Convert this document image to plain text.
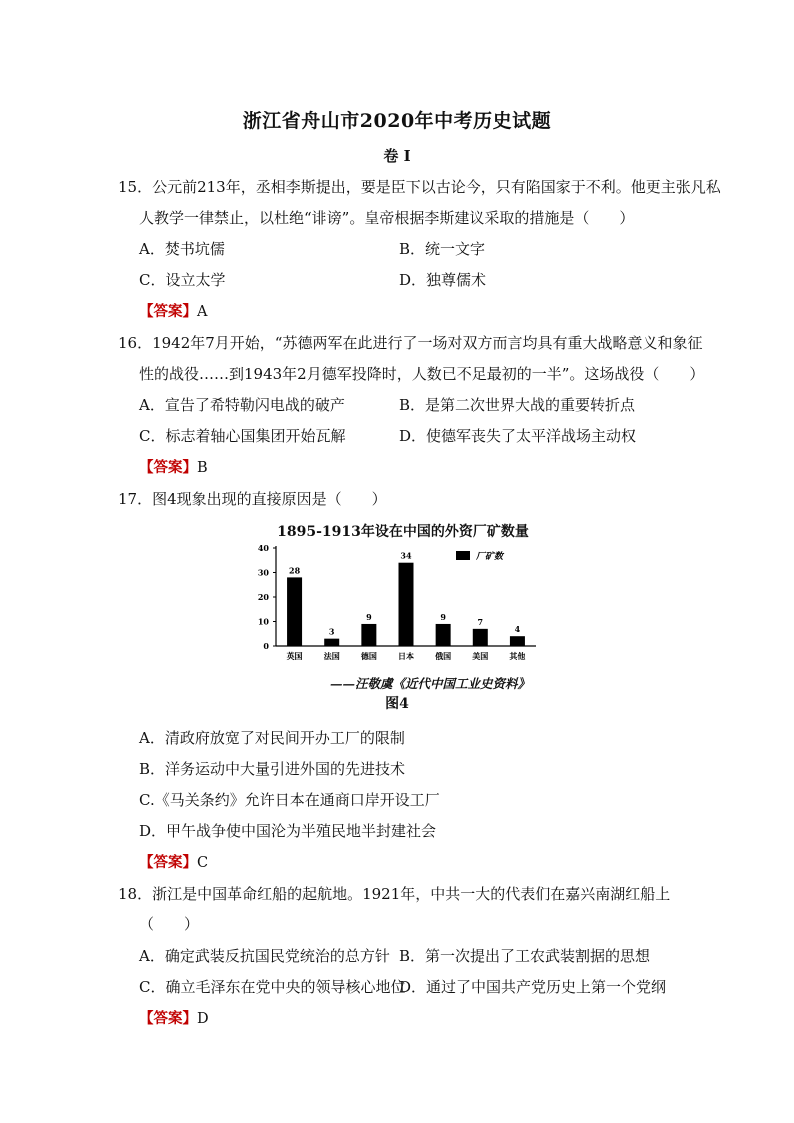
浙江省舟山市2020年中考历史试题
卷 I
15．公元前213年，丞相李斯提出，要是臣下以古论今，只有陷国家于不利。他更主张凡私
人教学一律禁止，以杜绝“诽谤”。皇帝根据李斯建议采取的措施是（　　）
A．焚书坑儒	B．统一文字
C．设立太学	D．独尊儒术
【答案】A
16．1942年7月开始，“苏德两军在此进行了一场对双方而言均具有重大战略意义和象征
性的战役……到1943年2月德军投降时，人数已不足最初的一半”。这场战役（　　）
A．宣告了希特勒闪电战的破产	B．是第二次世界大战的重要转折点
C．标志着轴心国集团开始瓦解	D．使德军丧失了太平洋战场主动权
【答案】B
17．图4现象出现的直接原因是（　　）
1895-1913年设在中国的外资厂矿数量
0
10
20
30
40
28
英国
3
法国
9
德国
34
日本
9
俄国
7
美国
4
其他
厂矿数
——汪敬虞《近代中国工业史资料》
图4
A．清政府放宽了对民间开办工厂的限制
B．洋务运动中大量引进外国的先进技术
C.《马关条约》允许日本在通商口岸开设工厂
D．甲午战争使中国沦为半殖民地半封建社会
【答案】C
18．浙江是中国革命红船的起航地。1921年，中共一大的代表们在嘉兴南湖红船上
（　　）
A．确定武装反抗国民党统治的总方针 B．第一次提出了工农武装割据的思想
C．确立毛泽东在党中央的领导核心地位
D．通过了中国共产党历史上第一个党纲
【答案】D
